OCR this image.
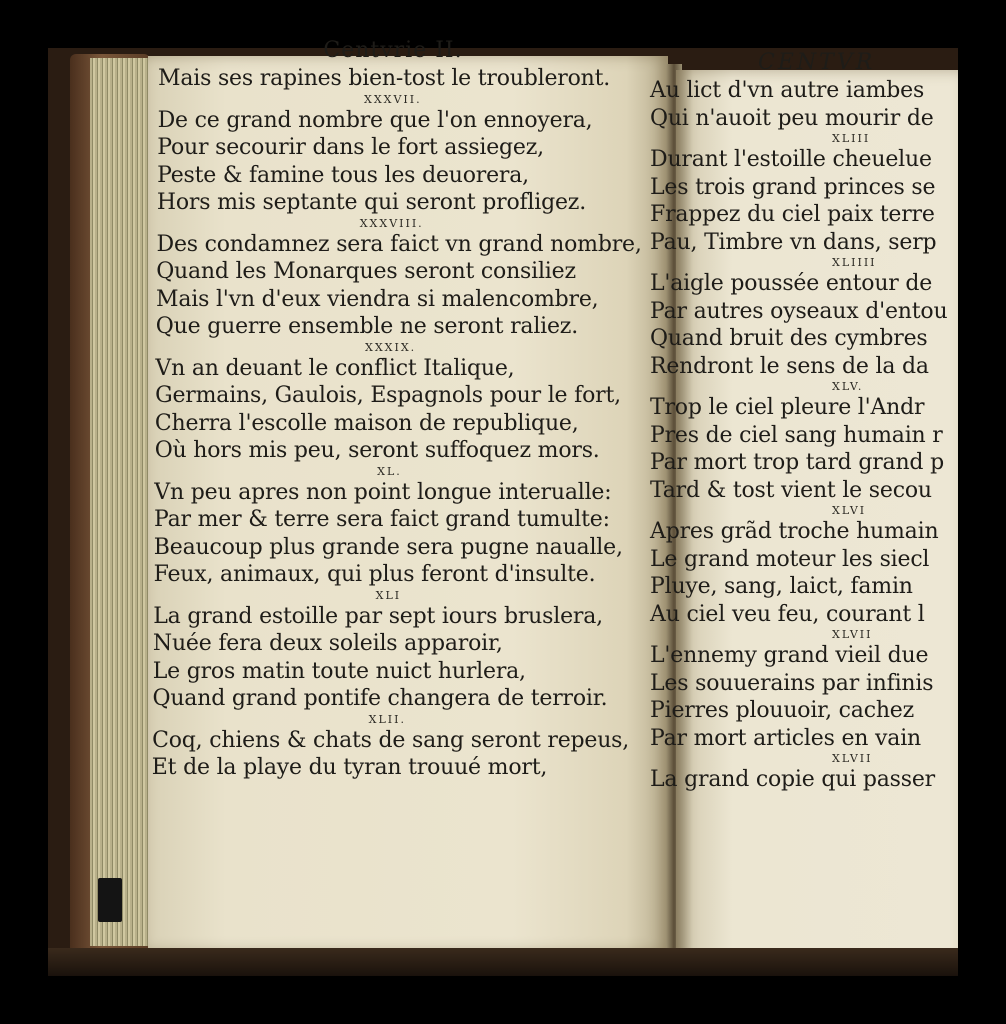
Centvrie II.
Mais ses rapines bien-tost le troubleront.
XXXVII.
De ce grand nombre que l'on ennoyera,
Pour secourir dans le fort assiegez,
Peste & famine tous les deuorera,
Hors mis septante qui seront profligez.
XXXVIII.
Des condamnez sera faict vn grand nombre,
Quand les Monarques seront consiliez
Mais l'vn d'eux viendra si malencombre,
Que guerre ensemble ne seront raliez.
XXXIX.
Vn an deuant le conflict Italique,
Germains, Gaulois, Espagnols pour le fort,
Cherra l'escolle maison de republique,
Où hors mis peu, seront suffoquez mors.
XL.
Vn peu apres non point longue interualle:
Par mer & terre sera faict grand tumulte:
Beaucoup plus grande sera pugne naualle,
Feux, animaux, qui plus feront d'insulte.
XLI
La grand estoille par sept iours bruslera,
Nuée fera deux soleils apparoir,
Le gros matin toute nuict hurlera,
Quand grand pontife changera de terroir.
XLII.
Coq, chiens & chats de sang seront repeus,
Et de la playe du tyran trouué mort,
CENTVR
Au lict d'vn autre iambes
Qui n'auoit peu mourir de
XLIII
Durant l'estoille cheuelue
Les trois grand princes se
Frappez du ciel paix terre
Pau, Timbre vn dans, serp
XLIIII
L'aigle poussée entour de
Par autres oyseaux d'entou
Quand bruit des cymbres
Rendront le sens de la da
XLV.
Trop le ciel pleure l'Andr
Pres de ciel sang humain r
Par mort trop tard grand p
Tard & tost vient le secou
XLVI
Apres grãd troche humain
Le grand moteur les siecl
Pluye, sang, laict, famin
Au ciel veu feu, courant l
XLVII
L'ennemy grand vieil due
Les souuerains par infinis
Pierres plouuoir, cachez
Par mort articles en vain
XLVII
La grand copie qui passer
